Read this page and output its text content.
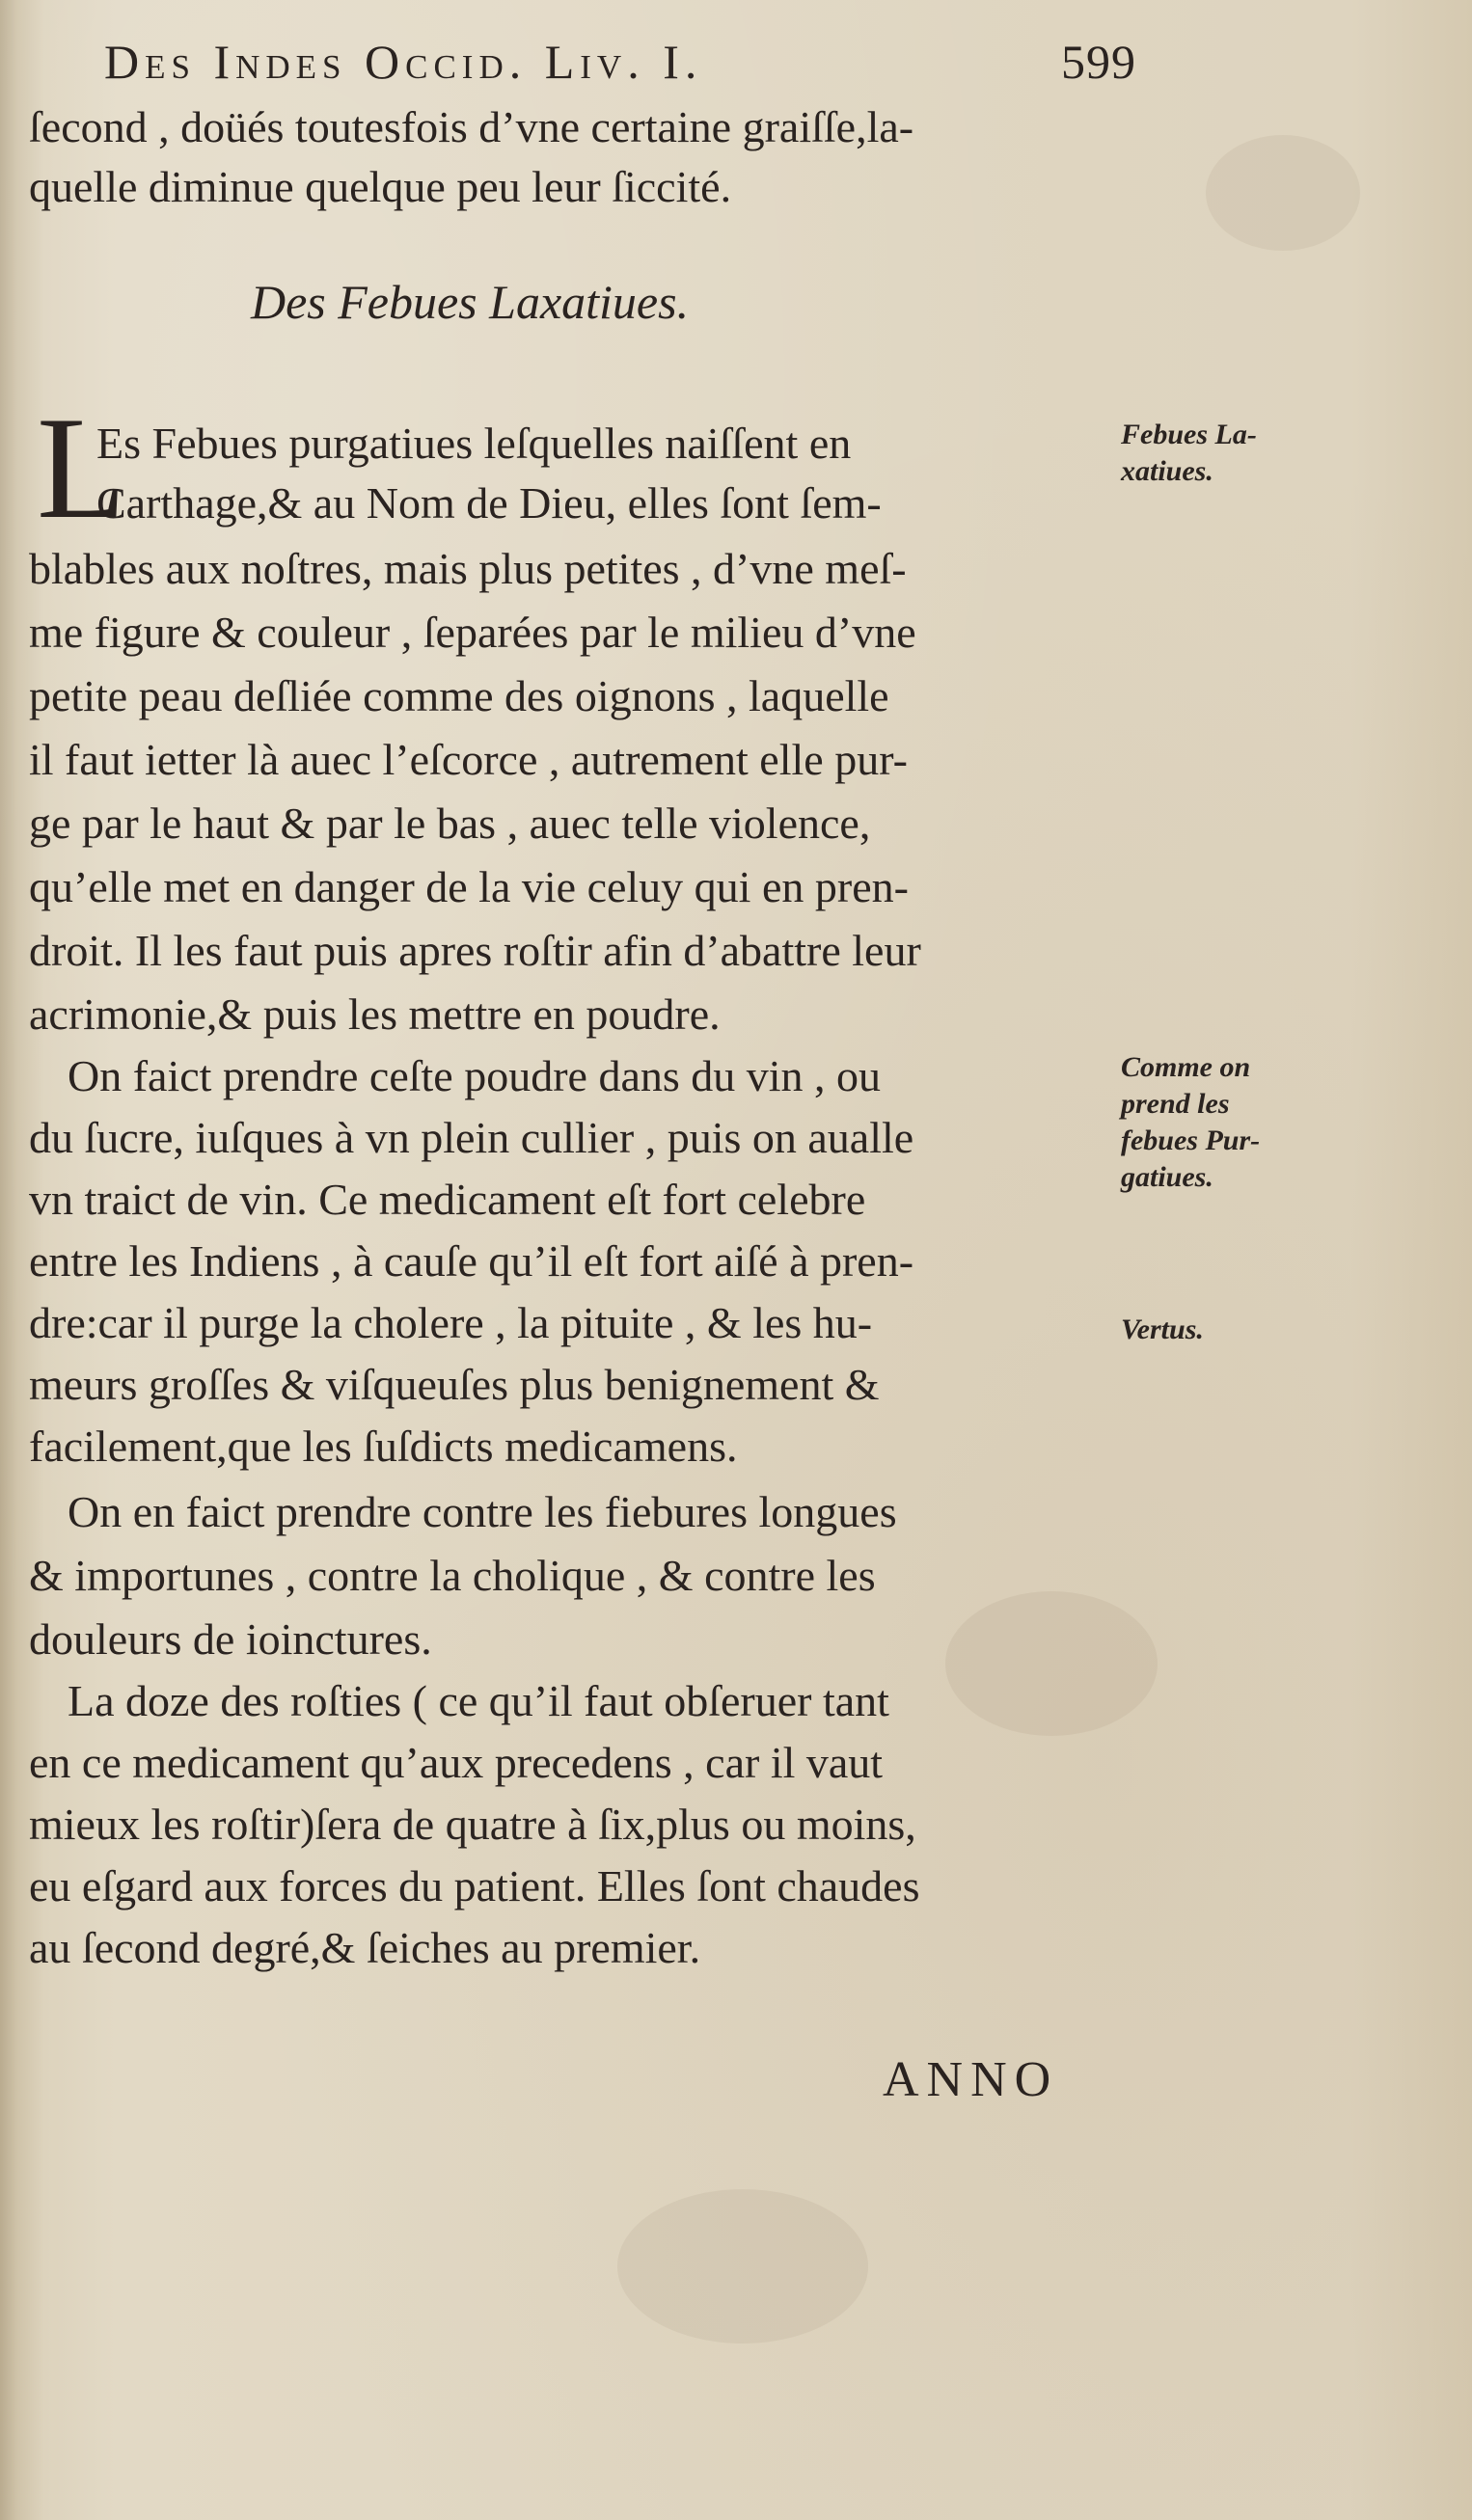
Des Indes Occid. Liv. I.	599
ſecond , doüés toutesfois d’vne certaine graiſſe,la-
quelle diminue quelque peu leur ſiccité.
Des Febues Laxatiues.
L
Es Febues purgatiues leſquelles naiſſent en
Carthage,& au Nom de Dieu, elles ſont ſem-
blables aux noſtres, mais plus petites , d’vne meſ-
me figure & couleur , ſeparées par le milieu d’vne
petite peau deſliée comme des oignons , laquelle
il faut ietter là auec l’eſcorce , autrement elle pur-
ge par le haut & par le bas , auec telle violence,
qu’elle met en danger de la vie celuy qui en pren-
droit. Il les faut puis apres roſtir afin d’abattre leur
acrimonie,& puis les mettre en poudre.
On faict prendre ceſte poudre dans du vin , ou
du ſucre, iuſques à vn plein cullier , puis on aualle
vn traict de vin. Ce medicament eſt fort celebre
entre les Indiens , à cauſe qu’il eſt fort aiſé à pren-
dre:car il purge la cholere , la pituite , & les hu-
meurs groſſes & viſqueuſes plus benignement &
facilement,que les ſuſdicts medicamens.
On en faict prendre contre les fiebures longues
& importunes , contre la cholique , & contre les
douleurs de ioinctures.
La doze des roſties ( ce qu’il faut obſeruer tant
en ce medicament qu’aux precedens , car il vaut
mieux les roſtir)ſera de quatre à ſix,plus ou moins,
eu eſgard aux forces du patient. Elles ſont chaudes
au ſecond degré,& ſeiches au premier.
Febues La-
xatiues.
Comme on
prend les
febues Pur-
gatiues.
Vertus.
ANNO
